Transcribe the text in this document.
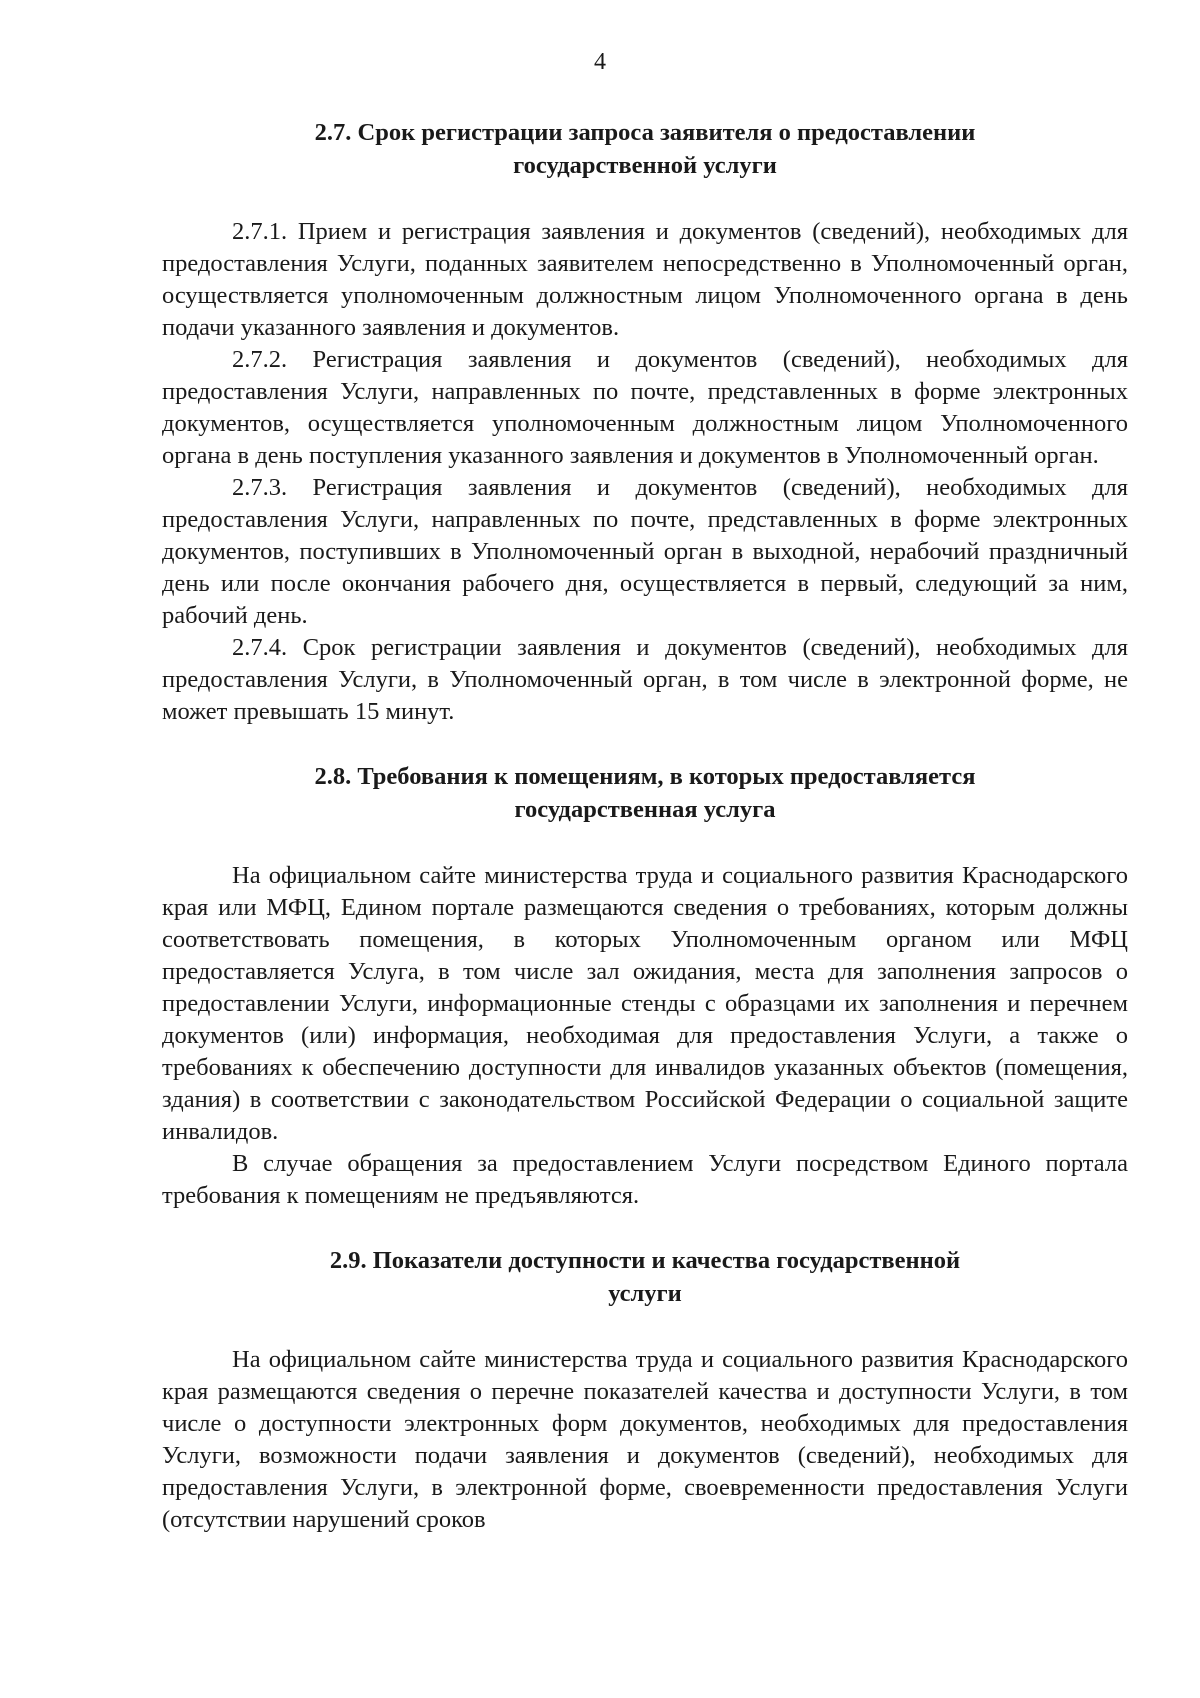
4
2.7. Срок регистрации запроса заявителя о предоставлении
государственной услуги

2.7.1. Прием и регистрация заявления и документов (сведений), необходимых для предоставления Услуги, поданных заявителем непосредственно в Уполномоченный орган, осуществляется уполномоченным должностным лицом Уполномоченного органа в день подачи указанного заявления и документов.

2.7.2. Регистрация заявления и документов (сведений), необходимых для предоставления Услуги, направленных по почте, представленных в форме электронных документов, осуществляется уполномоченным должностным лицом Уполномоченного органа в день поступления указанного заявления и документов в Уполномоченный орган.

2.7.3. Регистрация заявления и документов (сведений), необходимых для предоставления Услуги, направленных по почте, представленных в форме электронных документов, поступивших в Уполномоченный орган в выходной, нерабочий праздничный день или после окончания рабочего дня, осуществляется в первый, следующий за ним, рабочий день.

2.7.4. Срок регистрации заявления и документов (сведений), необходимых для предоставления Услуги, в Уполномоченный орган, в том числе в электронной форме, не может превышать 15 минут.

2.8. Требования к помещениям, в которых предоставляется
государственная услуга

На официальном сайте министерства труда и социального развития Краснодарского края или МФЦ, Едином портале размещаются сведения о требованиях, которым должны соответствовать помещения, в которых Уполномоченным органом или МФЦ предоставляется Услуга, в том числе зал ожидания, места для заполнения запросов о предоставлении Услуги, информационные стенды с образцами их заполнения и перечнем документов (или) информация, необходимая для предоставления Услуги, а также о требованиях к обеспечению доступности для инвалидов указанных объектов (помещения, здания) в соответствии с законодательством Российской Федерации о социальной защите инвалидов.

В случае обращения за предоставлением Услуги посредством Единого портала требования к помещениям не предъявляются.

2.9. Показатели доступности и качества государственной
услуги

На официальном сайте министерства труда и социального развития Краснодарского края размещаются сведения о перечне показателей качества и доступности Услуги, в том числе о доступности электронных форм документов, необходимых для предоставления Услуги, возможности подачи заявления и документов (сведений), необходимых для предоставления Услуги, в электронной форме, своевременности предоставления Услуги (отсутствии нарушений сроков
